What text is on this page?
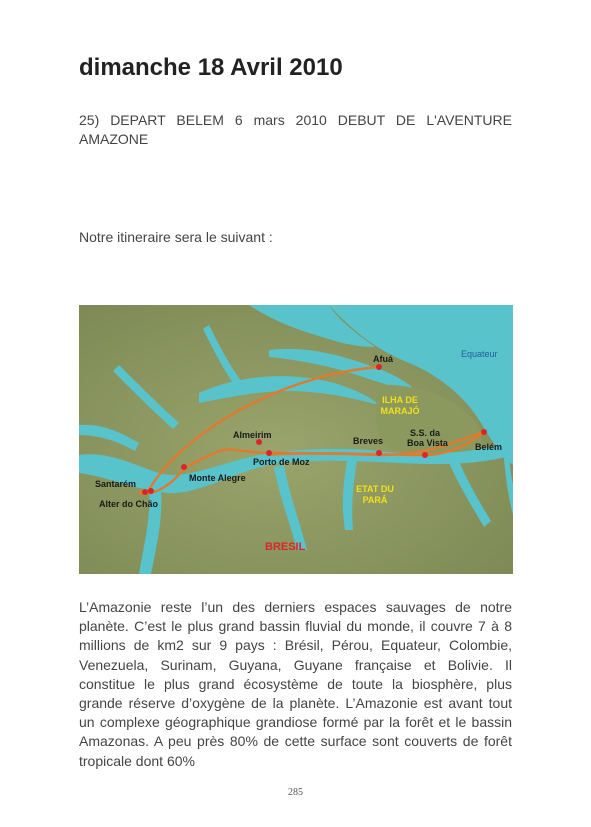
dimanche 18 Avril 2010
25) DEPART BELEM 6 mars 2010 DEBUT DE L'AVENTURE AMAZONE
Notre itineraire sera le suivant :
Equateur
Afuá
Almeirim
Breves
S.S. da
Boa Vista	Belém
Porto de Moz
Santarém
Monte Alegre
Alter do Chão
ILHA DE
MARAJÓ
ETAT DU
PARÁ
BRESIL
L’Amazonie reste l’un des derniers espaces sauvages de notre planète. C’est le plus grand bassin fluvial du monde, il couvre 7 à 8 millions de km2 sur 9 pays : Brésil, Pérou, Equateur, Colombie, Venezuela, Surinam, Guyana, Guyane française et Bolivie. Il constitue le plus grand écosystème de toute la biosphère, plus grande réserve d’oxygène de la planète. L’Amazonie est avant tout un complexe géographique grandiose formé par la forêt et le bassin Amazonas. A peu près 80% de cette surface sont couverts de forêt tropicale dont 60%
285
